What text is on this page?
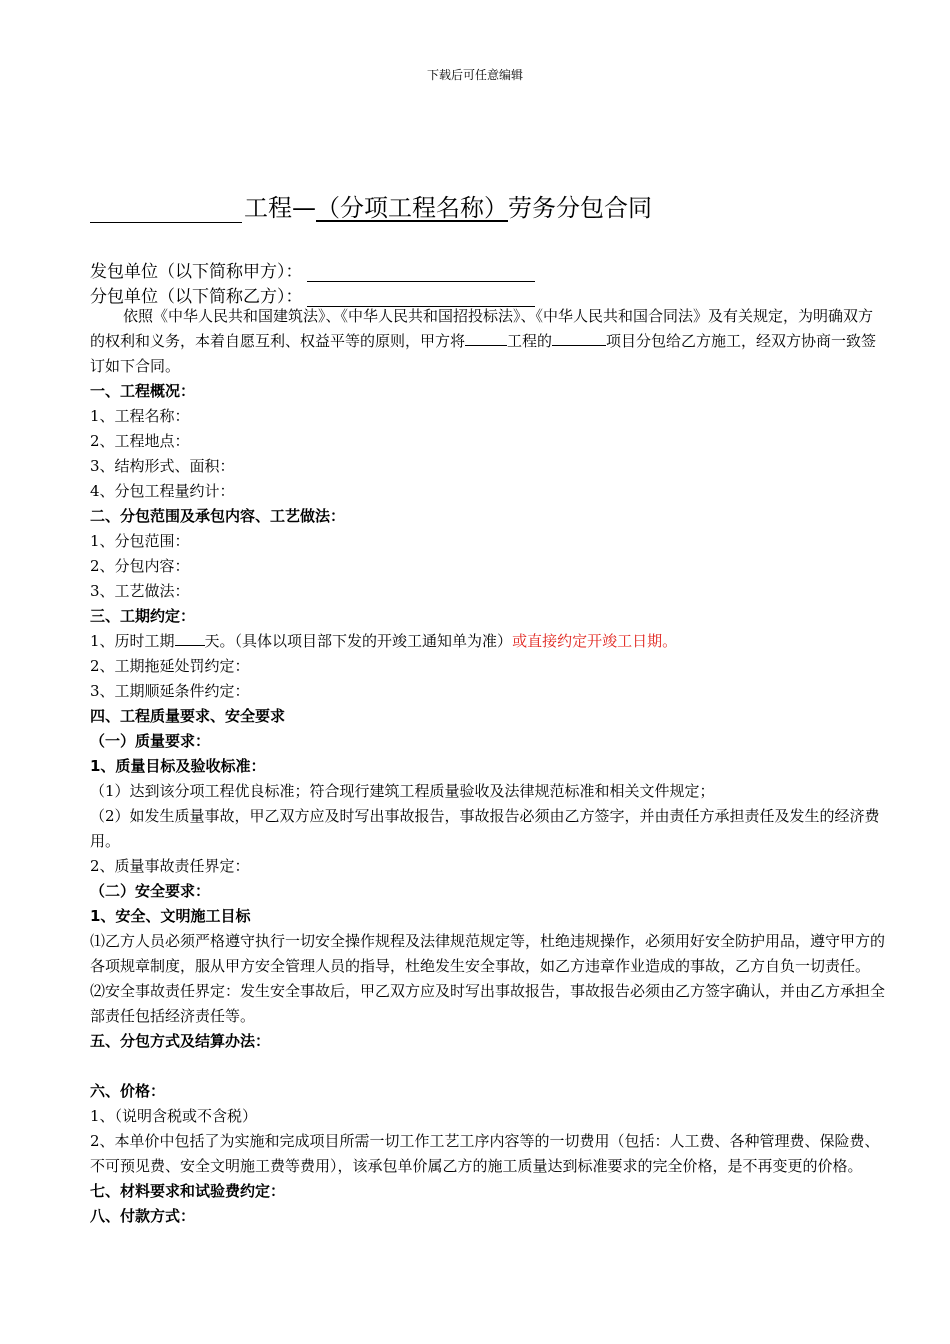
下载后可任意编辑
工程—（分项工程名称）劳务分包合同
发包单位（以下简称甲方）：
分包单位（以下简称乙方）：

依照《中华人民共和国建筑法》、《中华人民共和国招投标法》、《中华人民共和国合同法》及有关规定，为明确双方的权利和义务，本着自愿互利、权益平等的原则，甲方将	工程的	项目分包给乙方施工，经双方协商一致签订如下合同。

一、工程概况：

1、工程名称：

2、工程地点：

3、结构形式、面积：

4、分包工程量约计：

二、分包范围及承包内容、工艺做法：

1、分包范围：

2、分包内容：

3、工艺做法：

三、工期约定：

1、历时工期 天。（具体以项目部下发的开竣工通知单为准）或直接约定开竣工日期。

2、工期拖延处罚约定：

3、工期顺延条件约定：

四、工程质量要求、安全要求

（一）质量要求：

1、质量目标及验收标准：

（1）达到该分项工程优良标准；符合现行建筑工程质量验收及法律规范标准和相关文件规定；

（2）如发生质量事故，甲乙双方应及时写出事故报告，事故报告必须由乙方签字，并由责任方承担责任及发生的经济费用。

2、质量事故责任界定：

（二）安全要求：

1、安全、文明施工目标

⑴乙方人员必须严格遵守执行一切安全操作规程及法律规范规定等，杜绝违规操作，必须用好安全防护用品，遵守甲方的各项规章制度，服从甲方安全管理人员的指导，杜绝发生安全事故，如乙方违章作业造成的事故，乙方自负一切责任。

⑵安全事故责任界定：发生安全事故后，甲乙双方应及时写出事故报告，事故报告必须由乙方签字确认，并由乙方承担全部责任包括经济责任等。

五、分包方式及结算办法：

六、价格：

1、（说明含税或不含税）

2、本单价中包括了为实施和完成项目所需一切工作工艺工序内容等的一切费用（包括：人工费、各种管理费、保险费、不可预见费、安全文明施工费等费用），该承包单价属乙方的施工质量达到标准要求的完全价格，是不再变更的价格。

七、材料要求和试验费约定：

八、付款方式：
